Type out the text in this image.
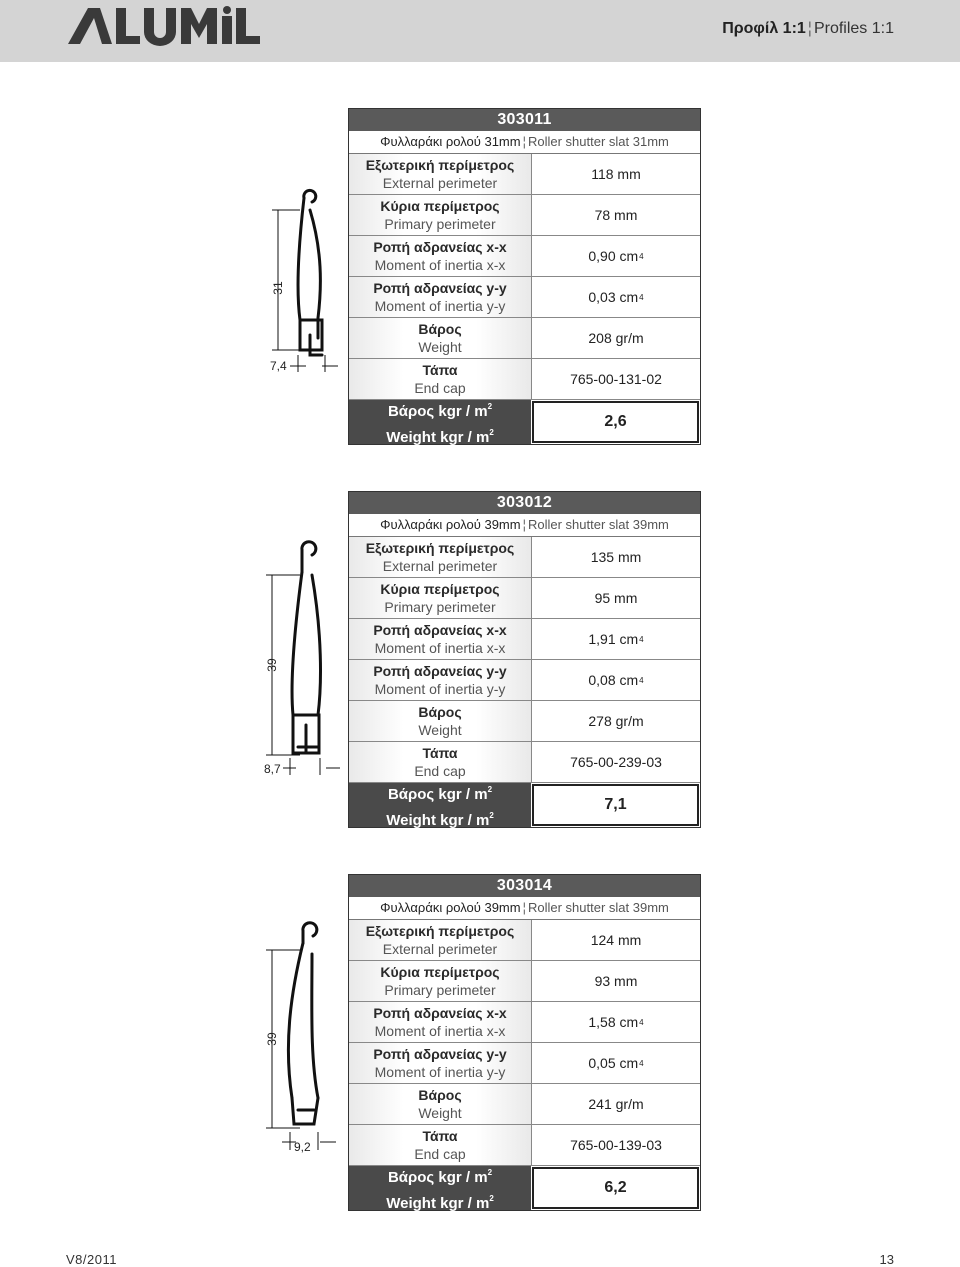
Προφίλ 1:1 ¦ Profiles 1:1
31
7,4
303011
Φυλλαράκι ρολού 31mm ¦ Roller shutter slat 31mm
Εξωτερική περίμετρος
External perimeter
118 mm
Κύρια περίμετρος
Primary perimeter
78 mm
Ροπή αδρανείας x-x
Moment of inertia x-x
0,90 cm 4
Ροπή αδρανείας y-y
Moment of inertia y-y
0,03 cm 4
Βάρος
Weight
208 gr/m
Τάπα
End cap
765-00-131-02
Βάρος kgr / $m^2$
Weight kgr / $m^2$
2,6
39
8,7
303012
Φυλλαράκι ρολού 39mm ¦ Roller shutter slat 39mm
Εξωτερική περίμετρος
External perimeter
135 mm
Κύρια περίμετρος
Primary perimeter
95 mm
Ροπή αδρανείας x-x
Moment of inertia x-x
1,91 cm 4
Ροπή αδρανείας y-y
Moment of inertia y-y
0,08 cm 4
Βάρος
Weight
278 gr/m
Τάπα
End cap
765-00-239-03
Βάρος kgr / $m^2$
Weight kgr / $m^2$
7,1
39
9,2
303014
Φυλλαράκι ρολού 39mm ¦ Roller shutter slat 39mm
Εξωτερική περίμετρος
External perimeter
124 mm
Κύρια περίμετρος
Primary perimeter
93 mm
Ροπή αδρανείας x-x
Moment of inertia x-x
1,58 cm 4
Ροπή αδρανείας y-y
Moment of inertia y-y
0,05 cm 4
Βάρος
Weight
241 gr/m
Τάπα
End cap
765-00-139-03
Βάρος kgr / $m^2$
Weight kgr / $m^2$
6,2
V8/2011	13
